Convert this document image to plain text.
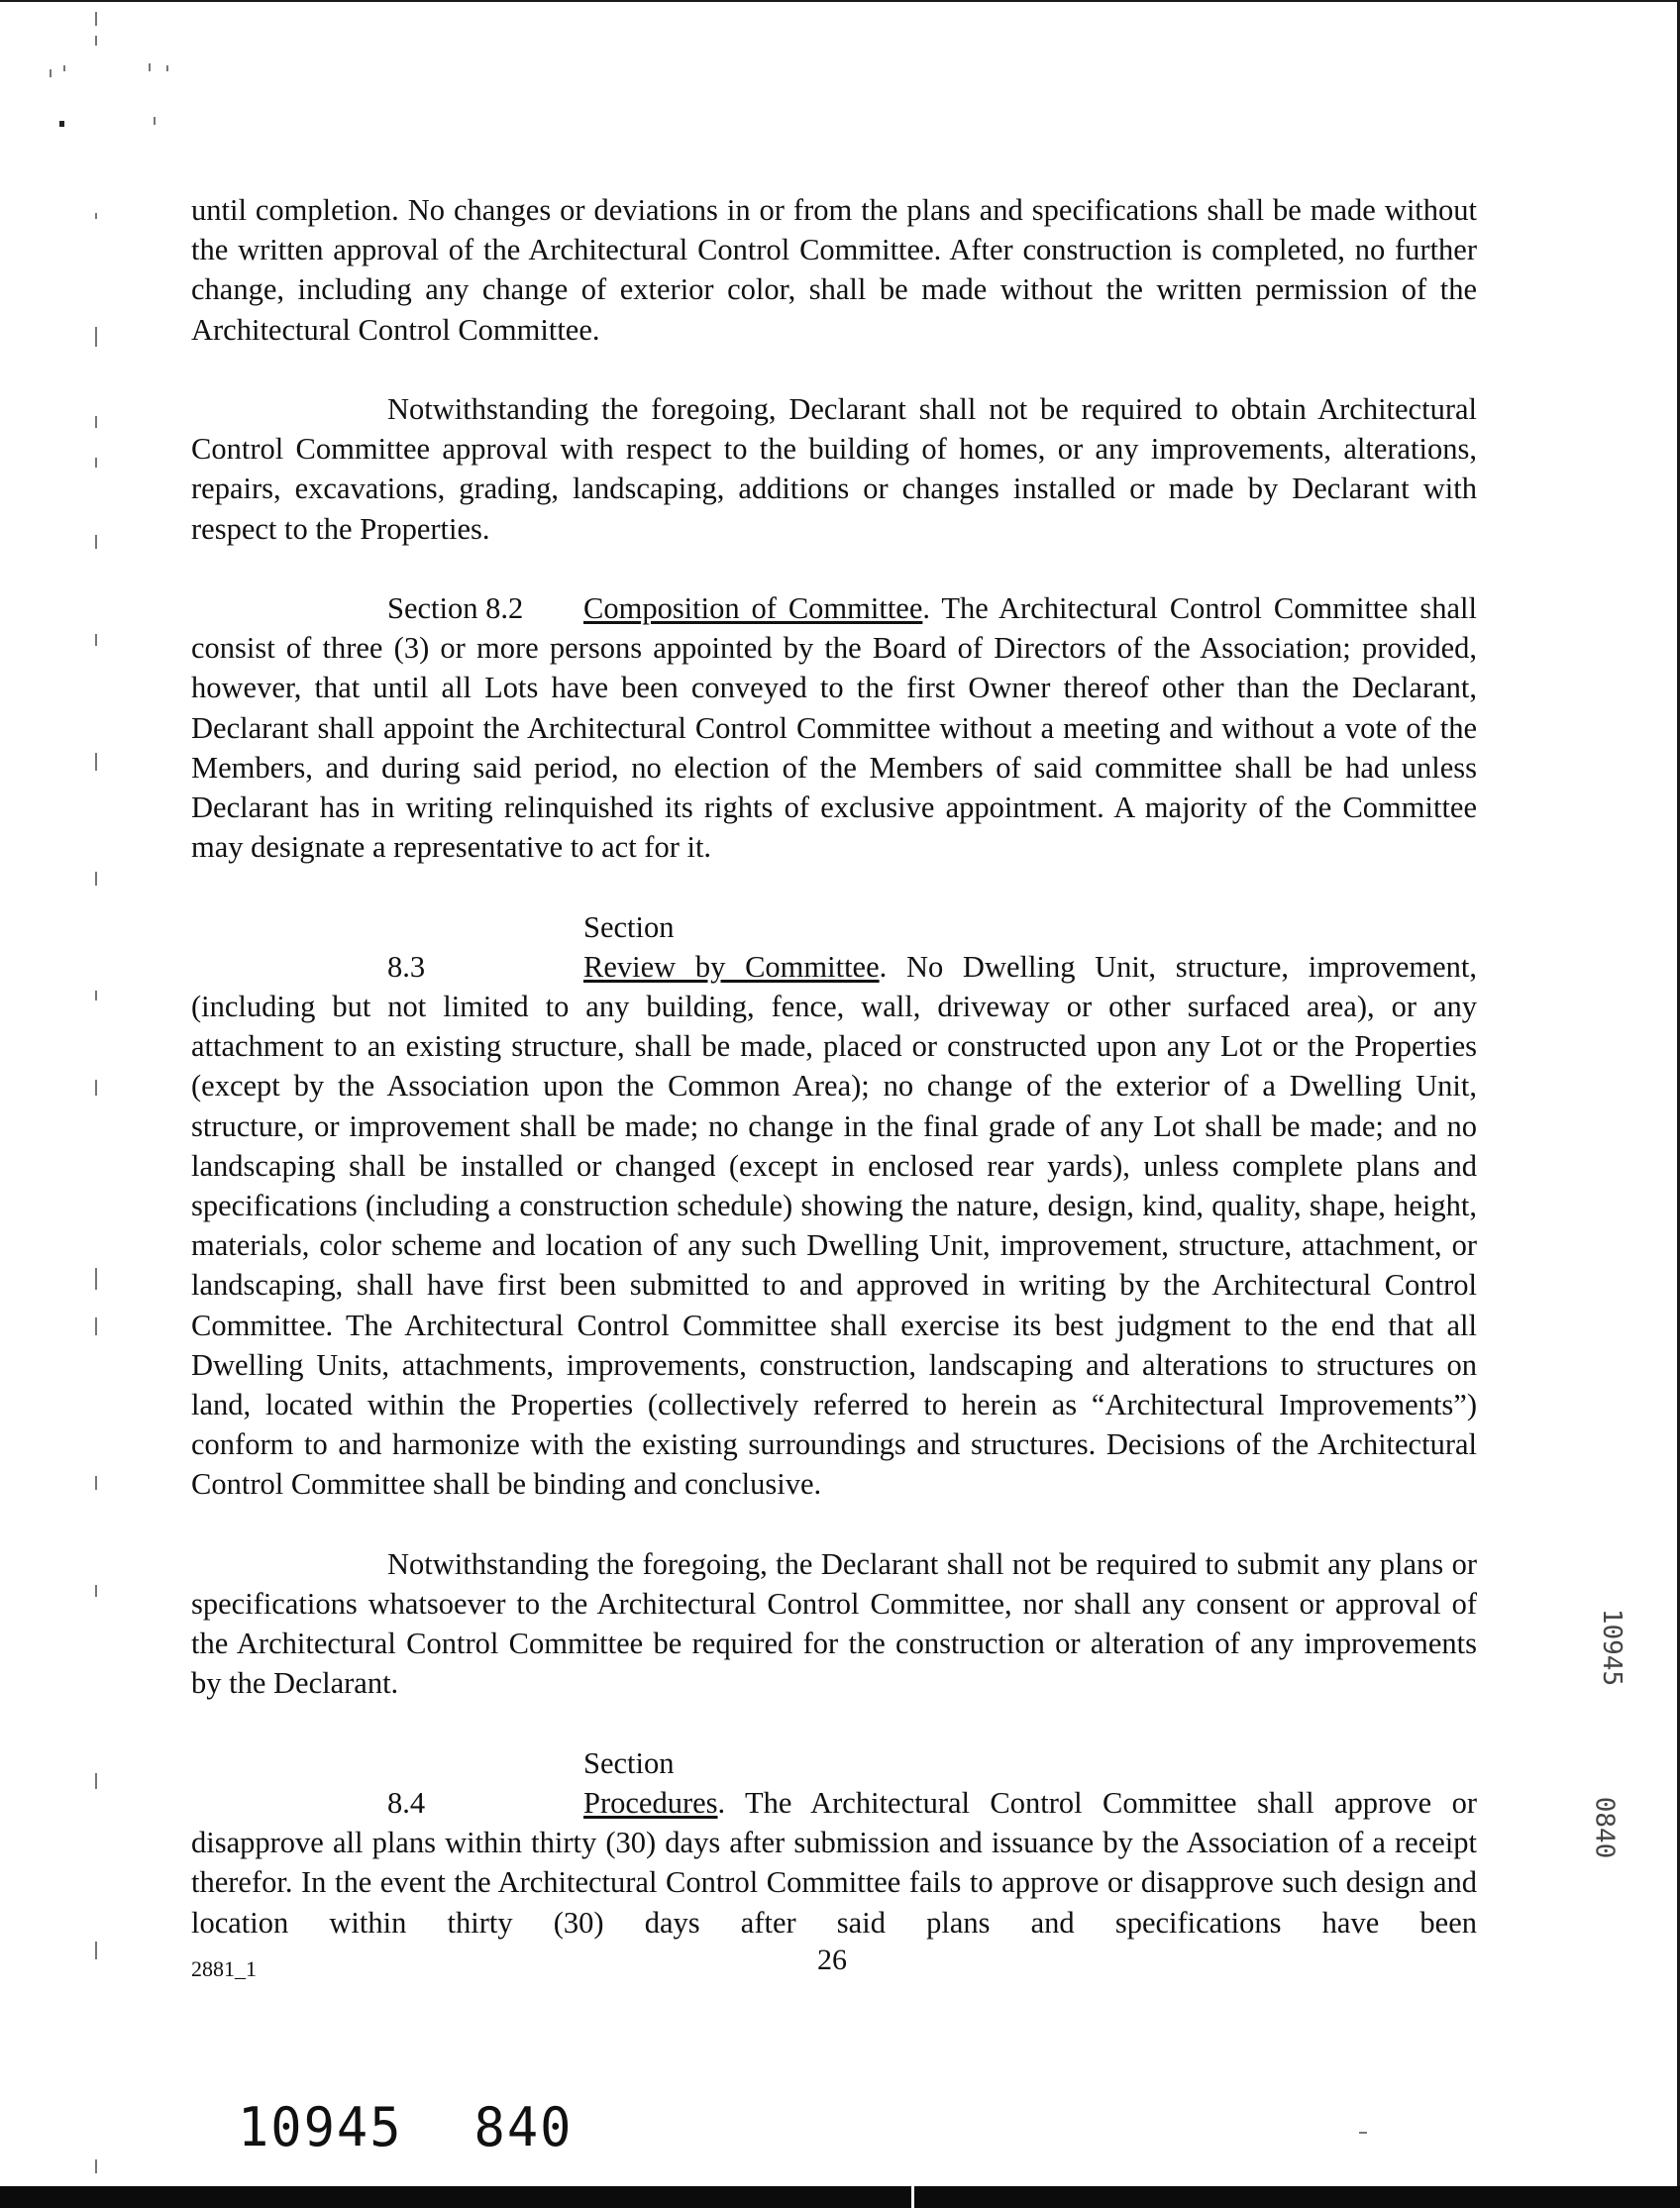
until completion. No changes or deviations in or from the plans and specifications shall be made without the written approval of the Architectural Control Committee. After construction is completed, no further change, including any change of exterior color, shall be made without the written permission of the Architectural Control Committee.

Notwithstanding the foregoing, Declarant shall not be required to obtain Architectural Control Committee approval with respect to the building of homes, or any improvements, alterations, repairs, excavations, grading, landscaping, additions or changes installed or made by Declarant with respect to the Properties.

Section 8.2 Composition of Committee. The Architectural Control Committee shall consist of three (3) or more persons appointed by the Board of Directors of the Association; provided, however, that until all Lots have been conveyed to the first Owner thereof other than the Declarant, Declarant shall appoint the Architectural Control Committee without a meeting and without a vote of the Members, and during said period, no election of the Members of said committee shall be had unless Declarant has in writing relinquished its rights of exclusive appointment. A majority of the Committee may designate a representative to act for it.

Section 8.3	Review by Committee. No Dwelling Unit, structure, improvement, (including but not limited to any building, fence, wall, driveway or other surfaced area), or any attachment to an existing structure, shall be made, placed or constructed upon any Lot or the Properties (except by the Association upon the Common Area); no change of the exterior of a Dwelling Unit, structure, or improvement shall be made; no change in the final grade of any Lot shall be made; and no landscaping shall be installed or changed (except in enclosed rear yards), unless complete plans and specifications (including a construction schedule) showing the nature, design, kind, quality, shape, height, materials, color scheme and location of any such Dwelling Unit, improvement, structure, attachment, or landscaping, shall have first been submitted to and approved in writing by the Architectural Control Committee. The Architectural Control Committee shall exercise its best judgment to the end that all Dwelling Units, attachments, improvements, construction, landscaping and alterations to structures on land, located within the Properties (collectively referred to herein as “Architectural Improvements”) conform to and harmonize with the existing surroundings and structures. Decisions of the Architectural Control Committee shall be binding and conclusive.

Notwithstanding the foregoing, the Declarant shall not be required to submit any plans or specifications whatsoever to the Architectural Control Committee, nor shall any consent or approval of the Architectural Control Committee be required for the construction or alteration of any improvements by the Declarant.

Section 8.4	Procedures. The Architectural Control Committee shall approve or disapprove all plans within thirty (30) days after submission and issuance by the Association of a receipt therefor. In the event the Architectural Control Committee fails to approve or disapprove such design and location within thirty (30) days after said plans and specifications have been

2881_1	26
10945 840
10945
0840
